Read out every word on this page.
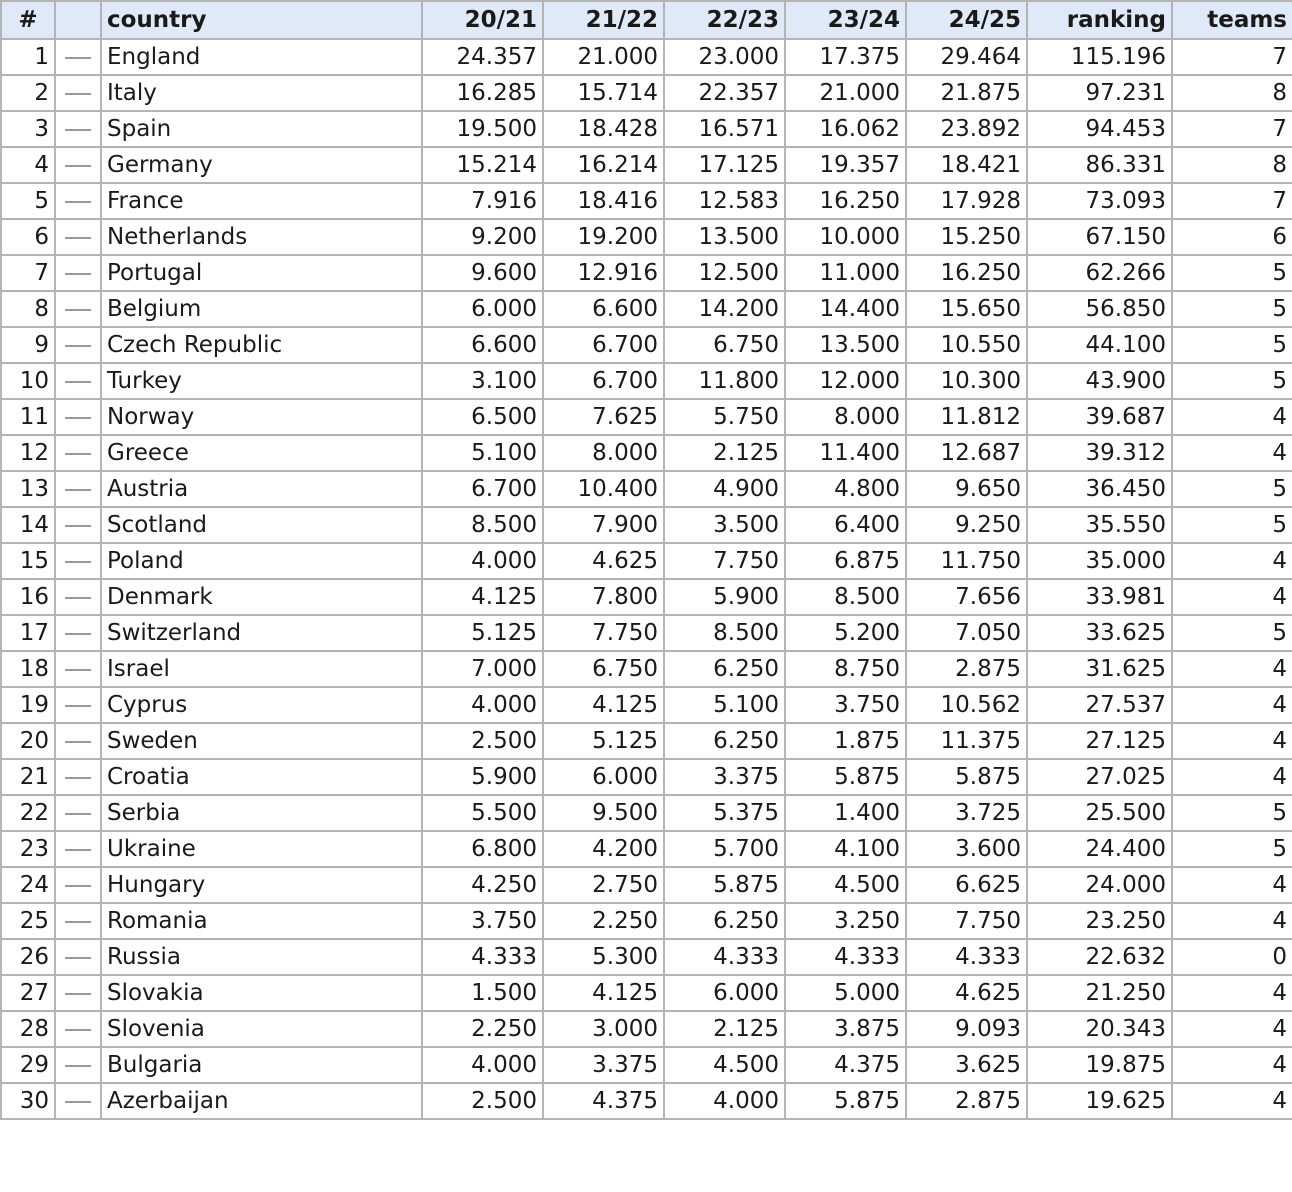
#		country	20/21	21/22	22/23	23/24	24/25	ranking	teams
1		England	24.357	21.000	23.000	17.375	29.464	115.196	7
2		Italy	16.285	15.714	22.357	21.000	21.875	97.231	8
3		Spain	19.500	18.428	16.571	16.062	23.892	94.453	7
4		Germany	15.214	16.214	17.125	19.357	18.421	86.331	8
5		France	7.916	18.416	12.583	16.250	17.928	73.093	7
6		Netherlands	9.200	19.200	13.500	10.000	15.250	67.150	6
7		Portugal	9.600	12.916	12.500	11.000	16.250	62.266	5
8		Belgium	6.000	6.600	14.200	14.400	15.650	56.850	5
9		Czech Republic	6.600	6.700	6.750	13.500	10.550	44.100	5
10		Turkey	3.100	6.700	11.800	12.000	10.300	43.900	5
11		Norway	6.500	7.625	5.750	8.000	11.812	39.687	4
12		Greece	5.100	8.000	2.125	11.400	12.687	39.312	4
13		Austria	6.700	10.400	4.900	4.800	9.650	36.450	5
14		Scotland	8.500	7.900	3.500	6.400	9.250	35.550	5
15		Poland	4.000	4.625	7.750	6.875	11.750	35.000	4
16		Denmark	4.125	7.800	5.900	8.500	7.656	33.981	4
17		Switzerland	5.125	7.750	8.500	5.200	7.050	33.625	5
18		Israel	7.000	6.750	6.250	8.750	2.875	31.625	4
19		Cyprus	4.000	4.125	5.100	3.750	10.562	27.537	4
20		Sweden	2.500	5.125	6.250	1.875	11.375	27.125	4
21		Croatia	5.900	6.000	3.375	5.875	5.875	27.025	4
22		Serbia	5.500	9.500	5.375	1.400	3.725	25.500	5
23		Ukraine	6.800	4.200	5.700	4.100	3.600	24.400	5
24		Hungary	4.250	2.750	5.875	4.500	6.625	24.000	4
25		Romania	3.750	2.250	6.250	3.250	7.750	23.250	4
26		Russia	4.333	5.300	4.333	4.333	4.333	22.632	0
27		Slovakia	1.500	4.125	6.000	5.000	4.625	21.250	4
28		Slovenia	2.250	3.000	2.125	3.875	9.093	20.343	4
29		Bulgaria	4.000	3.375	4.500	4.375	3.625	19.875	4
30		Azerbaijan	2.500	4.375	4.000	5.875	2.875	19.625	4
